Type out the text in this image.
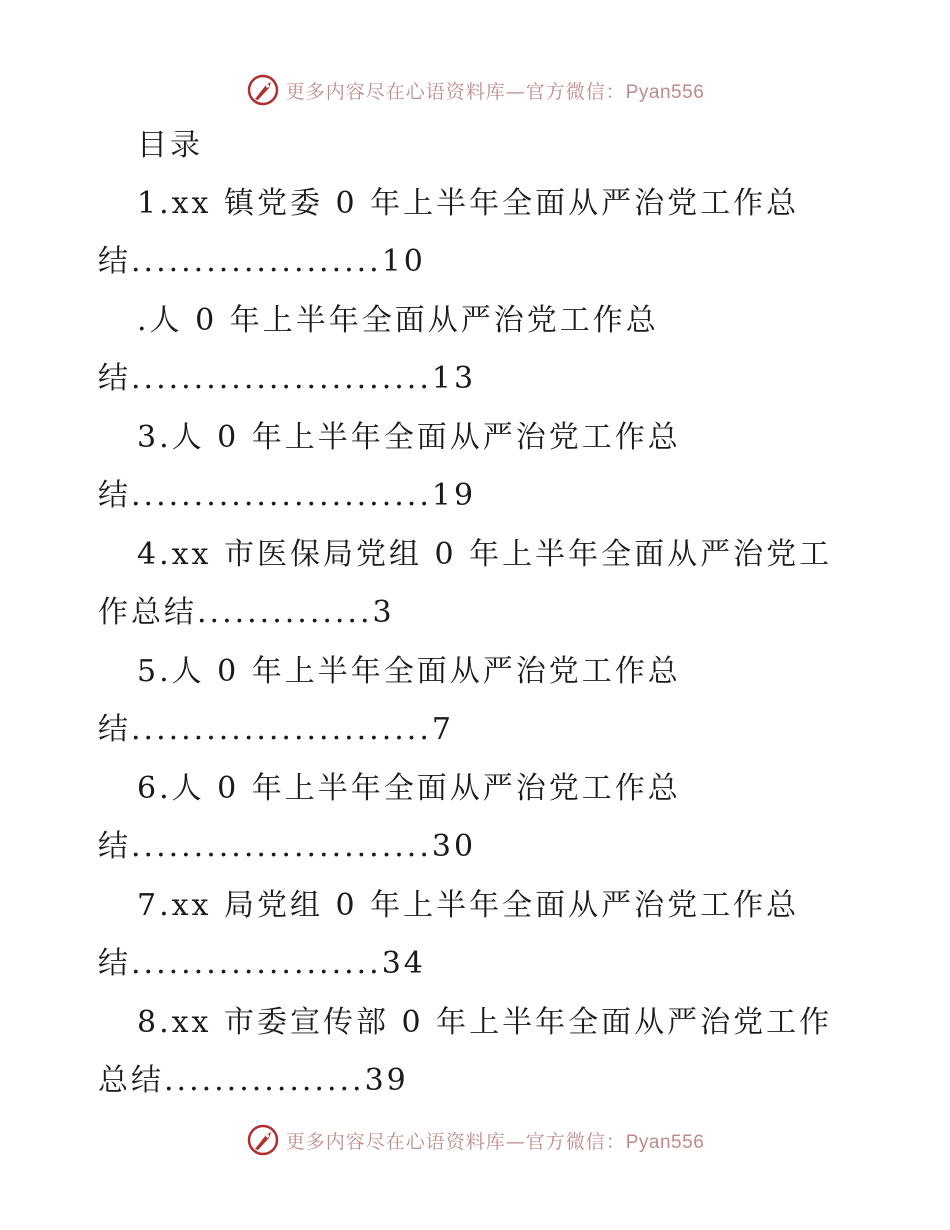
更多内容尽在心语资料库—官方微信：Pyan556
目录
1.xx 镇党委 0 年上半年全面从严治党工作总
结....................10
.人 0 年上半年全面从严治党工作总
结........................13
3.人 0 年上半年全面从严治党工作总
结........................19
4.xx 市医保局党组 0 年上半年全面从严治党工
作总结..............3
5.人 0 年上半年全面从严治党工作总
结........................7
6.人 0 年上半年全面从严治党工作总
结........................30
7.xx 局党组 0 年上半年全面从严治党工作总
结....................34
8.xx 市委宣传部 0 年上半年全面从严治党工作
总结................39
更多内容尽在心语资料库—官方微信：Pyan556
